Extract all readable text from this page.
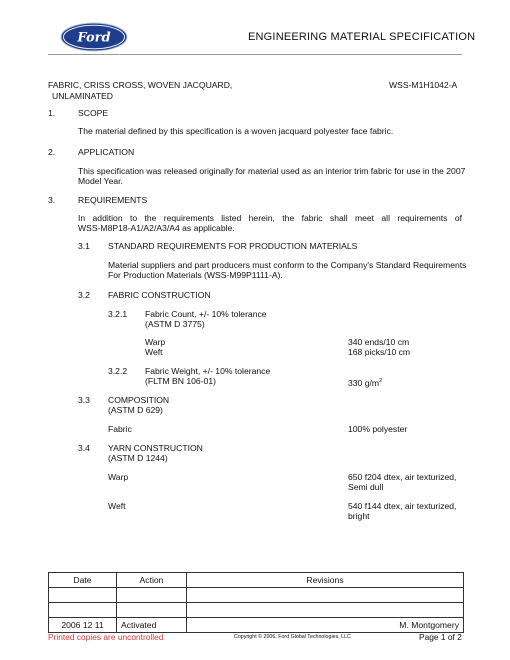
Ford	ENGINEERING MATERIAL SPECIFICATION
FABRIC, CRISS CROSS, WOVEN JACQUARD,
UNLAMINATED
WSS-M1H1042-A
1.	SCOPE
The material defined by this specification is a woven jacquard polyester face fabric.
2.	APPLICATION
This specification was released originally for material used as an interior trim fabric for use in the 2007
Model Year.
3.	REQUIREMENTS
In addition to the requirements listed herein, the fabric shall meet all requirements of
WSS-M8P18-A1/A2/A3/A4 as applicable.
3.1 STANDARD REQUIREMENTS FOR PRODUCTION MATERIALS
Material suppliers and part producers must conform to the Company's Standard Requirements
For Production Materials (WSS-M99P1111-A).
3.2 FABRIC CONSTRUCTION
3.2.1 Fabric Count, +/- 10% tolerance
(ASTM D 3775)
Warp	340 ends/10 cm
Weft	168 picks/10 cm
3.2.2 Fabric Weight, +/- 10% tolerance
(FLTM BN 106-01)	330 $g/m^2$
3.3 COMPOSITION
(ASTM D 629)
Fabric	100% polyester
3.4 YARN CONSTRUCTION
(ASTM D 1244)
Warp	650 f204 dtex, air texturized,
Semi dull
Weft	540 f144 dtex, air texturized,
bright
Date	Action	Revisions

2006 12 11	Activated	M. Montgomery
Printed copies are uncontrolled	Copyright © 2006, Ford Global Technologies, LLC	Page 1 of 2
